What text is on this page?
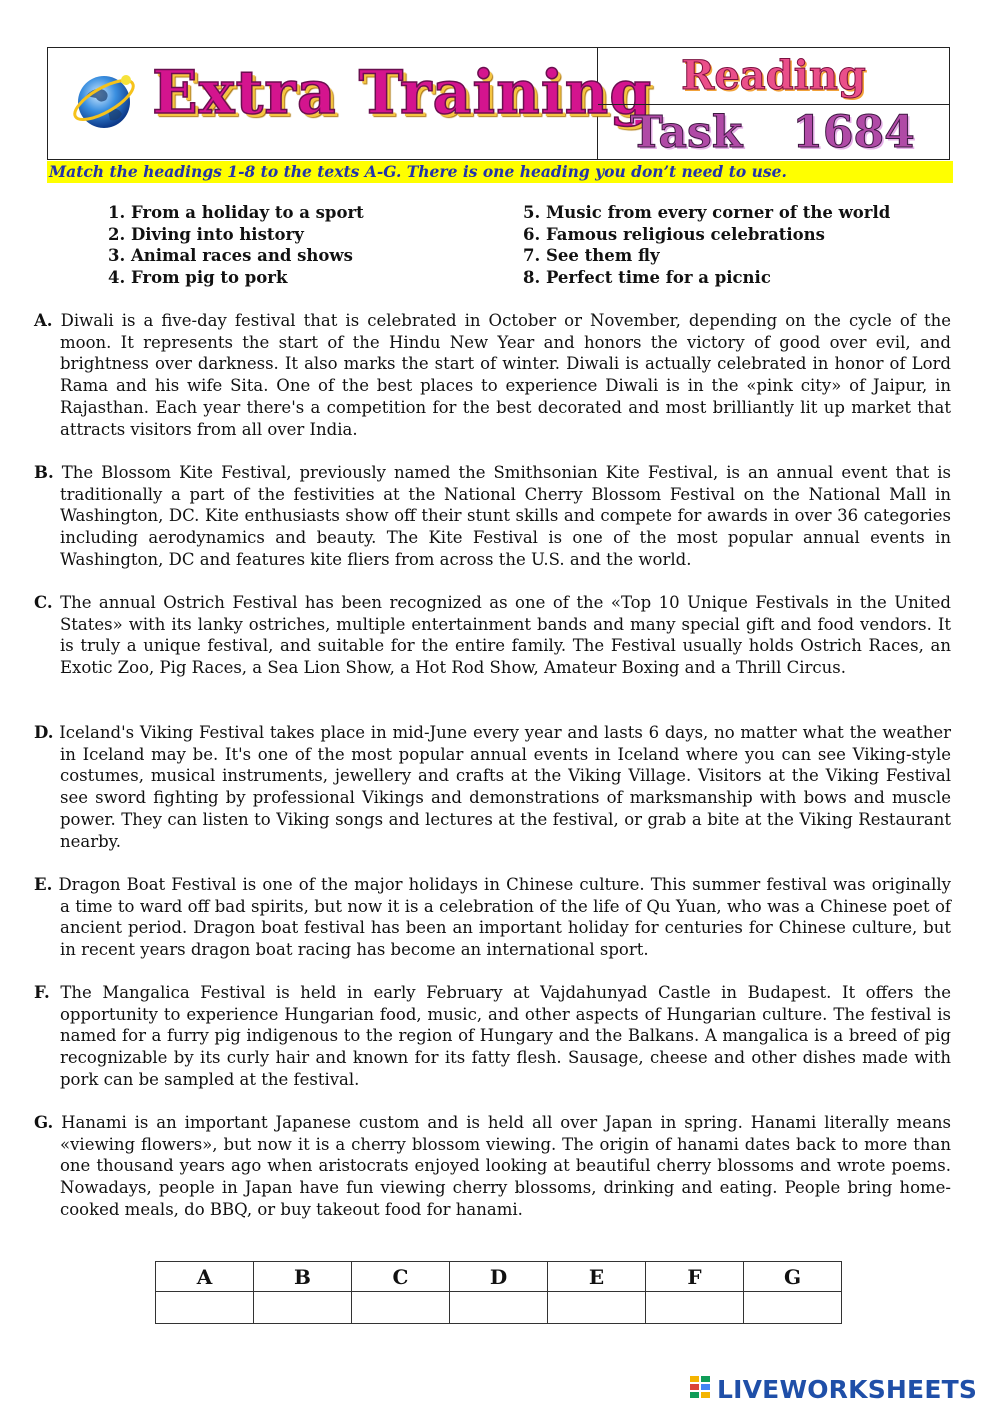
Extra Training Reading
Task 1684
Match the headings 1-8 to the texts A-G. There is one heading you don’t need to use.
1. From a holiday to a sport
2. Diving into history
3. Animal races and shows
4. From pig to pork
5. Music from every corner of the world
6. Famous religious celebrations
7. See them fly
8. Perfect time for a picnic
A. Diwali is a five-day festival that is celebrated in October or November, depending on the cycle of the moon. It represents the start of the Hindu New Year and honors the victory of good over evil, and brightness over darkness. It also marks the start of winter. Diwali is actually celebrated in honor of Lord Rama and his wife Sita. One of the best places to experience Diwali is in the «pink city» of Jaipur, in Rajasthan. Each year there's a competition for the best decorated and most brilliantly lit up market that attracts visitors from all over India.
B. The Blossom Kite Festival, previously named the Smithsonian Kite Festival, is an annual event that is traditionally a part of the festivities at the National Cherry Blossom Festival on the National Mall in Washington, DC. Kite enthusiasts show off their stunt skills and compete for awards in over 36 categories including aerodynamics and beauty. The Kite Festival is one of the most popular annual events in Washington, DC and features kite fliers from across the U.S. and the world.
C. The annual Ostrich Festival has been recognized as one of the «Top 10 Unique Festivals in the United States» with its lanky ostriches, multiple entertainment bands and many special gift and food vendors. It is truly a unique festival, and suitable for the entire family. The Festival usually holds Ostrich Races, an Exotic Zoo, Pig Races, a Sea Lion Show, a Hot Rod Show, Amateur Boxing and a Thrill Circus.
D. Iceland's Viking Festival takes place in mid-June every year and lasts 6 days, no matter what the weather in Iceland may be. It's one of the most popular annual events in Iceland where you can see Viking-style costumes, musical instruments, jewellery and crafts at the Viking Village. Visitors at the Viking Festival see sword fighting by professional Vikings and demonstrations of marksmanship with bows and muscle power. They can listen to Viking songs and lectures at the festival, or grab a bite at the Viking Restaurant nearby.
E. Dragon Boat Festival is one of the major holidays in Chinese culture. This summer festival was originally a time to ward off bad spirits, but now it is a celebration of the life of Qu Yuan, who was a Chinese poet of ancient period. Dragon boat festival has been an important holiday for centuries for Chinese culture, but in recent years dragon boat racing has become an international sport.
F. The Mangalica Festival is held in early February at Vajdahunyad Castle in Budapest. It offers the opportunity to experience Hungarian food, music, and other aspects of Hungarian culture. The festival is named for a furry pig indigenous to the region of Hungary and the Balkans. A mangalica is a breed of pig recognizable by its curly hair and known for its fatty flesh. Sausage, cheese and other dishes made with pork can be sampled at the festival.
G. Hanami is an important Japanese custom and is held all over Japan in spring. Hanami literally means «viewing flowers», but now it is a cherry blossom viewing. The origin of hanami dates back to more than one thousand years ago when aristocrats enjoyed looking at beautiful cherry blossoms and wrote poems. Nowadays, people in Japan have fun viewing cherry blossoms, drinking and eating. People bring home-cooked meals, do BBQ, or buy takeout food for hanami.
A	B	C	D	E	F	G

LIVEWORKSHEETS
